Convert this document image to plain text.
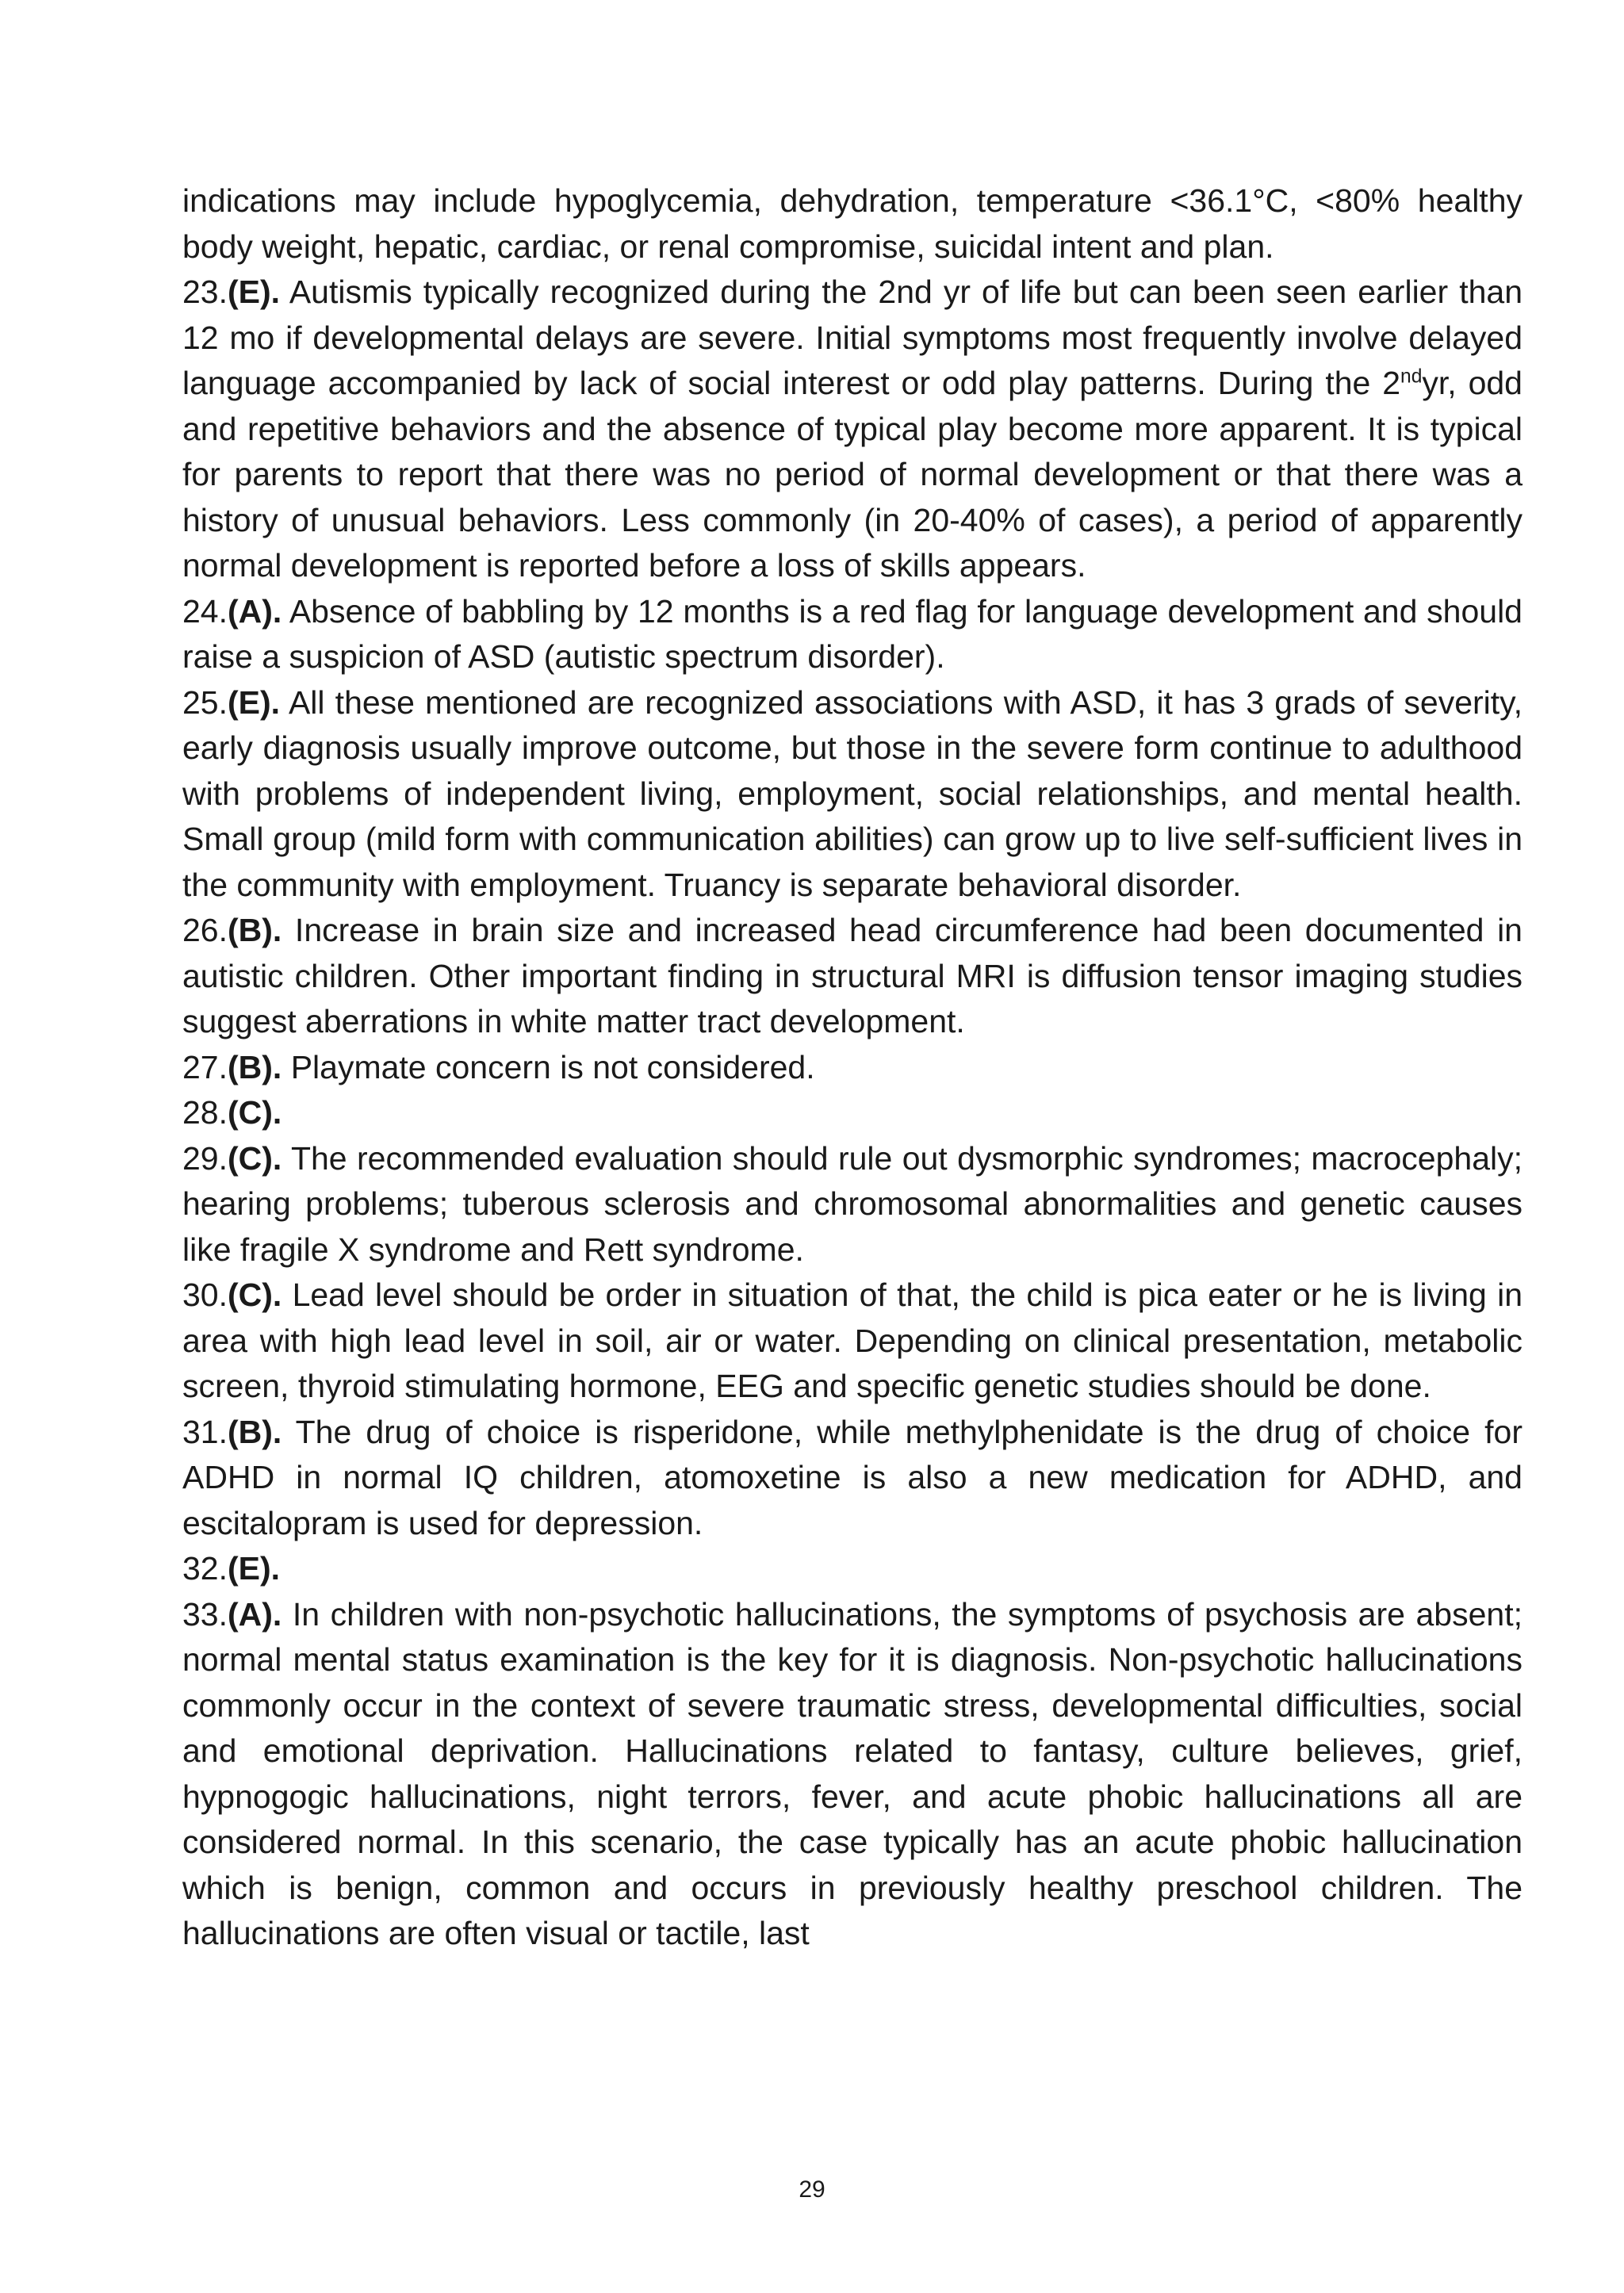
indications may include hypoglycemia, dehydration, temperature <36.1°C, <80% healthy body weight, hepatic, cardiac, or renal compromise, suicidal intent and plan.

23.(E). Autismis typically recognized during the 2nd yr of life but can been seen earlier than 12 mo if developmental delays are severe. Initial symptoms most frequently involve delayed language accompanied by lack of social interest or odd play patterns. During the 2ndyr, odd and repetitive behaviors and the absence of typical play become more apparent. It is typical for parents to report that there was no period of normal development or that there was a history of unusual behaviors. Less commonly (in 20-40% of cases), a period of apparently normal development is reported before a loss of skills appears.

24.(A). Absence of babbling by 12 months is a red flag for language development and should raise a suspicion of ASD (autistic spectrum disorder).

25.(E). All these mentioned are recognized associations with ASD, it has 3 grads of severity, early diagnosis usually improve outcome, but those in the severe form continue to adulthood with problems of independent living, employment, social relationships, and mental health. Small group (mild form with communication abilities) can grow up to live self-sufficient lives in the community with employment. Truancy is separate behavioral disorder.

26.(B). Increase in brain size and increased head circumference had been documented in autistic children. Other important finding in structural MRI is diffusion tensor imaging studies suggest aberrations in white matter tract development.

27.(B). Playmate concern is not considered.

28.(C).

29.(C). The recommended evaluation should rule out dysmorphic syndromes; macrocephaly; hearing problems; tuberous sclerosis and chromosomal abnormalities and genetic causes like fragile X syndrome and Rett syndrome.

30.(C). Lead level should be order in situation of that, the child is pica eater or he is living in area with high lead level in soil, air or water. Depending on clinical presentation, metabolic screen, thyroid stimulating hormone, EEG and specific genetic studies should be done.

31.(B). The drug of choice is risperidone, while methylphenidate is the drug of choice for ADHD in normal IQ children, atomoxetine is also a new medication for ADHD, and escitalopram is used for depression.

32.(E).

33.(A). In children with non-psychotic hallucinations, the symptoms of psychosis are absent; normal mental status examination is the key for it is diagnosis. Non-psychotic hallucinations commonly occur in the context of severe traumatic stress, developmental difficulties, social and emotional deprivation. Hallucinations related to fantasy, culture believes, grief, hypnogogic hallucinations, night terrors, fever, and acute phobic hallucinations all are considered normal. In this scenario, the case typically has an acute phobic hallucination which is benign, common and occurs in previously healthy preschool children. The hallucinations are often visual or tactile, last

29
